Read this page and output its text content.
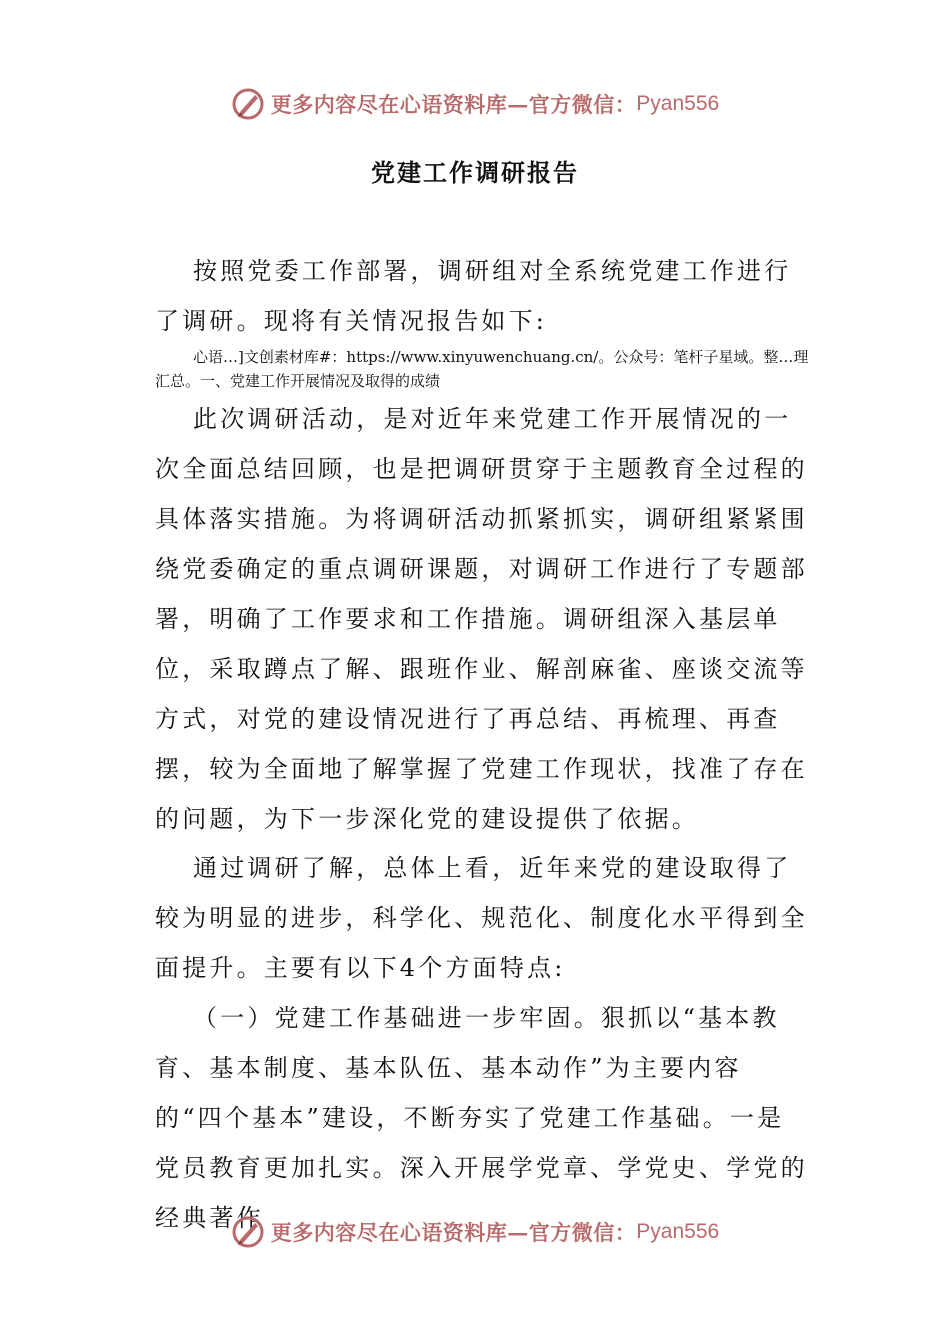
更多内容尽在心语资料库—官方微信： Pyan556
党建工作调研报告

按照党委工作部署，调研组对全系统党建工作进行了调研。现将有关情况报告如下:

心语…]文创素材库#：https://www.xinyuwenchuang.cn/。公众号：笔杆子星域。整…理汇总。一、党建工作开展情况及取得的成绩

此次调研活动，是对近年来党建工作开展情况的一次全面总结回顾，也是把调研贯穿于主题教育全过程的具体落实措施。为将调研活动抓紧抓实，调研组紧紧围绕党委确定的重点调研课题，对调研工作进行了专题部署，明确了工作要求和工作措施。调研组深入基层单位，采取蹲点了解、跟班作业、解剖麻雀、座谈交流等方式，对党的建设情况进行了再总结、再梳理、再查摆，较为全面地了解掌握了党建工作现状，找准了存在的问题，为下一步深化党的建设提供了依据。

通过调研了解，总体上看，近年来党的建设取得了较为明显的进步，科学化、规范化、制度化水平得到全面提升。主要有以下4个方面特点:

（一）党建工作基础进一步牢固。狠抓以“基本教育、基本制度、基本队伍、基本动作”为主要内容的“四个基本”建设，不断夯实了党建工作基础。一是党员教育更加扎实。深入开展学党章、学党史、学党的经典著作

更多内容尽在心语资料库—官方微信： Pyan556
